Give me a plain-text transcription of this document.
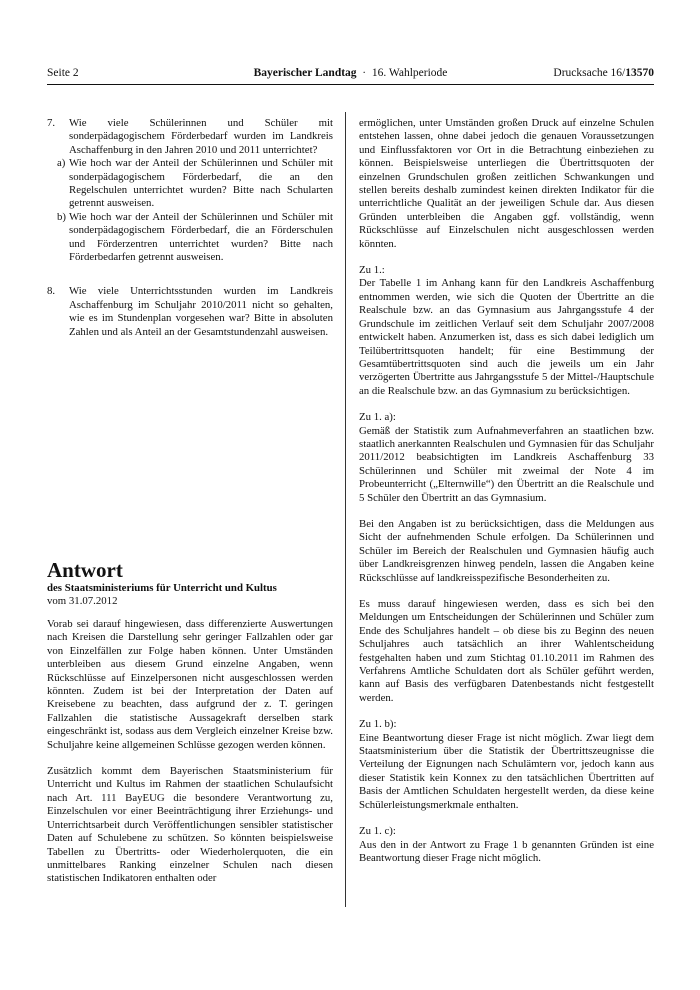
Seite 2	Bayerischer Landtag · 16. Wahlperiode	Drucksache 16/13570
7. Wie viele Schülerinnen und Schüler mit sonderpädagogischem Förderbedarf wurden im Landkreis Aschaffenburg in den Jahren 2010 und 2011 unterrichtet?
a) Wie hoch war der Anteil der Schülerinnen und Schüler mit sonderpädagogischem Förderbedarf, die an den Regelschulen unterrichtet wurden? Bitte nach Schularten getrennt ausweisen.
b) Wie hoch war der Anteil der Schülerinnen und Schüler mit sonderpädagogischem Förderbedarf, die an Förderschulen und Förderzentren unterrichtet wurden? Bitte nach Förderbedarfen getrennt ausweisen.
8. Wie viele Unterrichtsstunden wurden im Landkreis Aschaffenburg im Schuljahr 2010/2011 nicht so gehalten, wie es im Stundenplan vorgesehen war? Bitte in absoluten Zahlen und als Anteil an der Gesamtstundenzahl ausweisen.

Antwort

des Staatsministeriums für Unterricht und Kultus

vom 31.07.2012

Vorab sei darauf hingewiesen, dass differenzierte Auswertungen nach Kreisen die Darstellung sehr geringer Fallzahlen oder gar von Einzelfällen zur Folge haben können. Unter Umständen unterbleiben aus diesem Grund einzelne Angaben, wenn Rückschlüsse auf Einzelpersonen nicht ausgeschlossen werden könnten. Zudem ist bei der Interpretation der Daten auf Kreisebene zu beachten, dass aufgrund der z. T. geringen Fallzahlen die statistische Aussagekraft derselben stark eingeschränkt ist, sodass aus dem Vergleich einzelner Kreise bzw. Schuljahre keine allgemeinen Schlüsse gezogen werden können.

Zusätzlich kommt dem Bayerischen Staatsministerium für Unterricht und Kultus im Rahmen der staatlichen Schulaufsicht nach Art. 111 BayEUG die besondere Verantwortung zu, Einzelschulen vor einer Beeinträchtigung ihrer Erziehungs- und Unterrichtsarbeit durch Veröffentlichungen sensibler statistischer Daten auf Schulebene zu schützen. So könnten beispielsweise Tabellen zu Übertritts- oder Wiederholerquoten, die ein unmittelbares Ranking einzelner Schulen nach diesen statistischen Indikatoren enthalten oder

ermöglichen, unter Umständen großen Druck auf einzelne Schulen entstehen lassen, ohne dabei jedoch die genauen Voraussetzungen und Einflussfaktoren vor Ort in die Betrachtung einbeziehen zu können. Beispielsweise unterliegen die Übertrittsquoten der einzelnen Grundschulen großen zeitlichen Schwankungen und stellen bereits deshalb zumindest keinen direkten Indikator für die unterrichtliche Qualität an der jeweiligen Schule dar. Aus diesen Gründen unterbleiben die Angaben ggf. vollständig, wenn Rückschlüsse auf Einzelschulen nicht ausgeschlossen werden könnten.

Zu 1.:

Der Tabelle 1 im Anhang kann für den Landkreis Aschaffenburg entnommen werden, wie sich die Quoten der Übertritte an die Realschule bzw. an das Gymnasium aus Jahrgangsstufe 4 der Grundschule im zeitlichen Verlauf seit dem Schuljahr 2007/2008 entwickelt haben. Anzumerken ist, dass es sich dabei lediglich um Teilübertrittsquoten handelt; für eine Bestimmung der Gesamtübertrittsquoten sind auch die jeweils um ein Jahr verzögerten Übertritte aus Jahrgangsstufe 5 der Mittel-/Hauptschule an die Realschule bzw. an das Gymnasium zu berücksichtigen.

Zu 1. a):

Gemäß der Statistik zum Aufnahmeverfahren an staatlichen bzw. staatlich anerkannten Realschulen und Gymnasien für das Schuljahr 2011/2012 beabsichtigten im Landkreis Aschaffenburg 33 Schülerinnen und Schüler mit zweimal der Note 4 im Probeunterricht („Elternwille“) den Übertritt an die Realschule und 5 Schüler den Übertritt an das Gymnasium.

Bei den Angaben ist zu berücksichtigen, dass die Meldungen aus Sicht der aufnehmenden Schule erfolgen. Da Schülerinnen und Schüler im Bereich der Realschulen und Gymnasien häufig auch über Landkreisgrenzen hinweg pendeln, lassen die Angaben keine Rückschlüsse auf landkreisspezifische Besonderheiten zu.

Es muss darauf hingewiesen werden, dass es sich bei den Meldungen um Entscheidungen der Schülerinnen und Schüler zum Ende des Schuljahres handelt – ob diese bis zu Beginn des neuen Schuljahres auch tatsächlich an ihrer Wahlentscheidung festgehalten haben und zum Stichtag 01.10.2011 im Rahmen des Verfahrens Amtliche Schuldaten dort als Schüler geführt werden, kann auf Basis des verfügbaren Datenbestands nicht festgestellt werden.

Zu 1. b):

Eine Beantwortung dieser Frage ist nicht möglich. Zwar liegt dem Staatsministerium über die Statistik der Übertrittszeugnisse die Verteilung der Eignungen nach Schulämtern vor, jedoch kann aus dieser Statistik kein Konnex zu den tatsächlichen Übertritten auf Basis der Amtlichen Schuldaten hergestellt werden, da diese keine Schülerleistungsmerkmale enthalten.

Zu 1. c):

Aus den in der Antwort zu Frage 1 b genannten Gründen ist eine Beantwortung dieser Frage nicht möglich.
